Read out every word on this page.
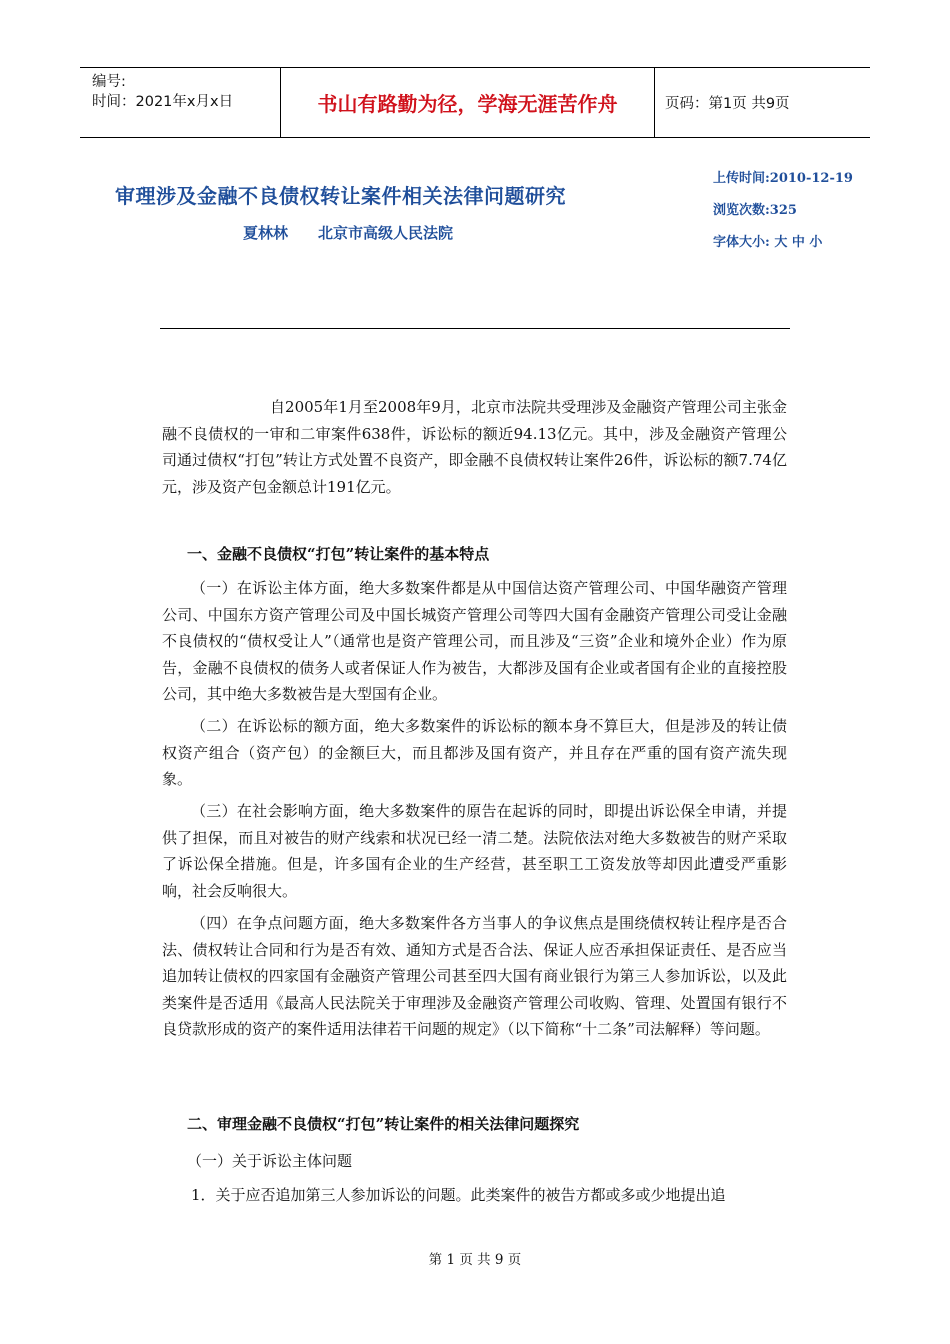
编号:
时间：2021年x月x日	书山有路勤为径，学海无涯苦作舟	页码：第1页 共9页
审理涉及金融不良债权转让案件相关法律问题研究
夏林林 北京市高级人民法院
上传时间:2010-12-19
浏览次数:325
字体大小: 大 中 小
自2005年1月至2008年9月，北京市法院共受理涉及金融资产管理公司主张金融不良债权的一审和二审案件638件，诉讼标的额近94.13亿元。其中，涉及金融资产管理公司通过债权“打包”转让方式处置不良资产，即金融不良债权转让案件26件，诉讼标的额7.74亿元，涉及资产包金额总计191亿元。
一、金融不良债权“打包”转让案件的基本特点
（一）在诉讼主体方面，绝大多数案件都是从中国信达资产管理公司、中国华融资产管理公司、中国东方资产管理公司及中国长城资产管理公司等四大国有金融资产管理公司受让金融不良债权的“债权受让人”（通常也是资产管理公司，而且涉及“三资”企业和境外企业）作为原告，金融不良债权的债务人或者保证人作为被告，大都涉及国有企业或者国有企业的直接控股公司，其中绝大多数被告是大型国有企业。
（二）在诉讼标的额方面，绝大多数案件的诉讼标的额本身不算巨大，但是涉及的转让债权资产组合（资产包）的金额巨大，而且都涉及国有资产，并且存在严重的国有资产流失现象。
（三）在社会影响方面，绝大多数案件的原告在起诉的同时，即提出诉讼保全申请，并提供了担保，而且对被告的财产线索和状况已经一清二楚。法院依法对绝大多数被告的财产采取了诉讼保全措施。但是，许多国有企业的生产经营，甚至职工工资发放等却因此遭受严重影响，社会反响很大。
（四）在争点问题方面，绝大多数案件各方当事人的争议焦点是围绕债权转让程序是否合法、债权转让合同和行为是否有效、通知方式是否合法、保证人应否承担保证责任、是否应当追加转让债权的四家国有金融资产管理公司甚至四大国有商业银行为第三人参加诉讼，以及此类案件是否适用《最高人民法院关于审理涉及金融资产管理公司收购、管理、处置国有银行不良贷款形成的资产的案件适用法律若干问题的规定》（以下简称“十二条”司法解释）等问题。
二、审理金融不良债权“打包”转让案件的相关法律问题探究
（一）关于诉讼主体问题
1．关于应否追加第三人参加诉讼的问题。此类案件的被告方都或多或少地提出追
第 1 页 共 9 页
